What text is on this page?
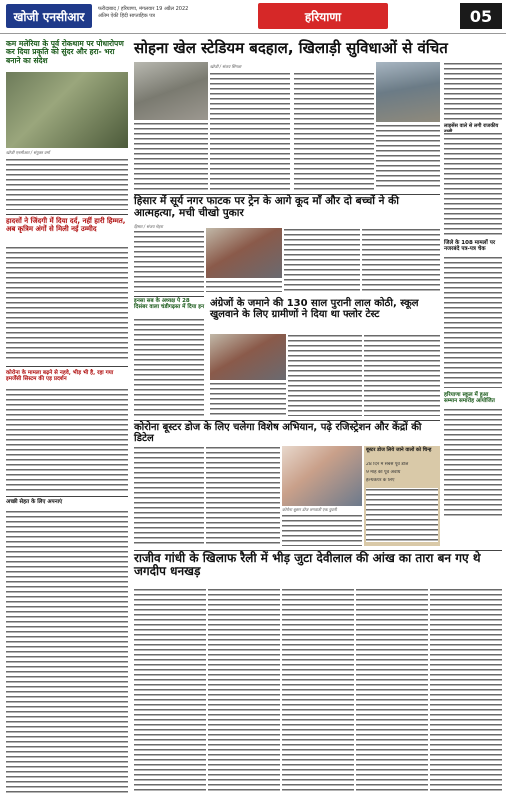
खोजी एनसीआर
फरीदाबाद / हरियाणा, मंगलवार 19 अप्रैल 2022
अंतिम ऐकी हिंदी साप्ताहिक पत्र	हरियाणा	05
कम मलेरिया के पूर्व रोकथाम पर पोधारोपण कर दिया प्रकृति को सुंदर और हरा- भरा बनाने का संदेश
खोजी एनसीआर / संयुक्त वर्मा
सोहना खेल स्टेडियम बदहाल, खिलाड़ी सुविधाओं से वंचित
खोजी / संजय सिंगला
लाइसेंस वाले से लगी राजकीय
जिले के 108 मामलों पर नजरबंदे पत्र-पत्र चेक
हरियाणा स्कूल में हुआ सम्मान समारोह आयोजित
हादसों ने जिंदगी में दिया दर्द, नहीं हारी हिम्मत, अब कृत्रिम अंगों से मिली नई उम्मीद
हिसार में सूर्य नगर फाटक पर ट्रेन के आगे कूद माँ और दो बच्चों ने की आत्महत्या, मची चीखो पुकार
हिसार / संजय मेहरा
इनसा सब के अध्यक्ष पे 28 दिसंबर वाला चंडीगढ़स्त में दिया इन अंग्रेजों के जमाने की 130 साल पुरानी लाल कोठी, स्कूल खुलवाने के लिए ग्रामीणों ने दिया था फ्लोर टेस्ट
कोरोना के मामला बढ़ने से नहवे, भीड़ भी है, रहा गया इमर्जेंसी सिस्टम की एड़ प्रदर्शन
कोरोना बूस्टर डोज के लिए चलेगा विशेष अभियान, पढ़े रजिस्ट्रेशन और केंद्रों की डिटेल
कोरोना बूस्टर डोज लगवाती एक युवती
बूस्टर डोज लिये जाने वालों को चिन्ह
28 दिन में सबसे पूर्व डोज
9 माह की पूर्व अवधि
हेल्थकेयर के लिए
अच्छी सेहत के लिए अपनाएं
राजीव गांधी के खिलाफ रैली में भीड़ जुटा देवीलाल की आंख का तारा बन गए थे जगदीप धनखड़
